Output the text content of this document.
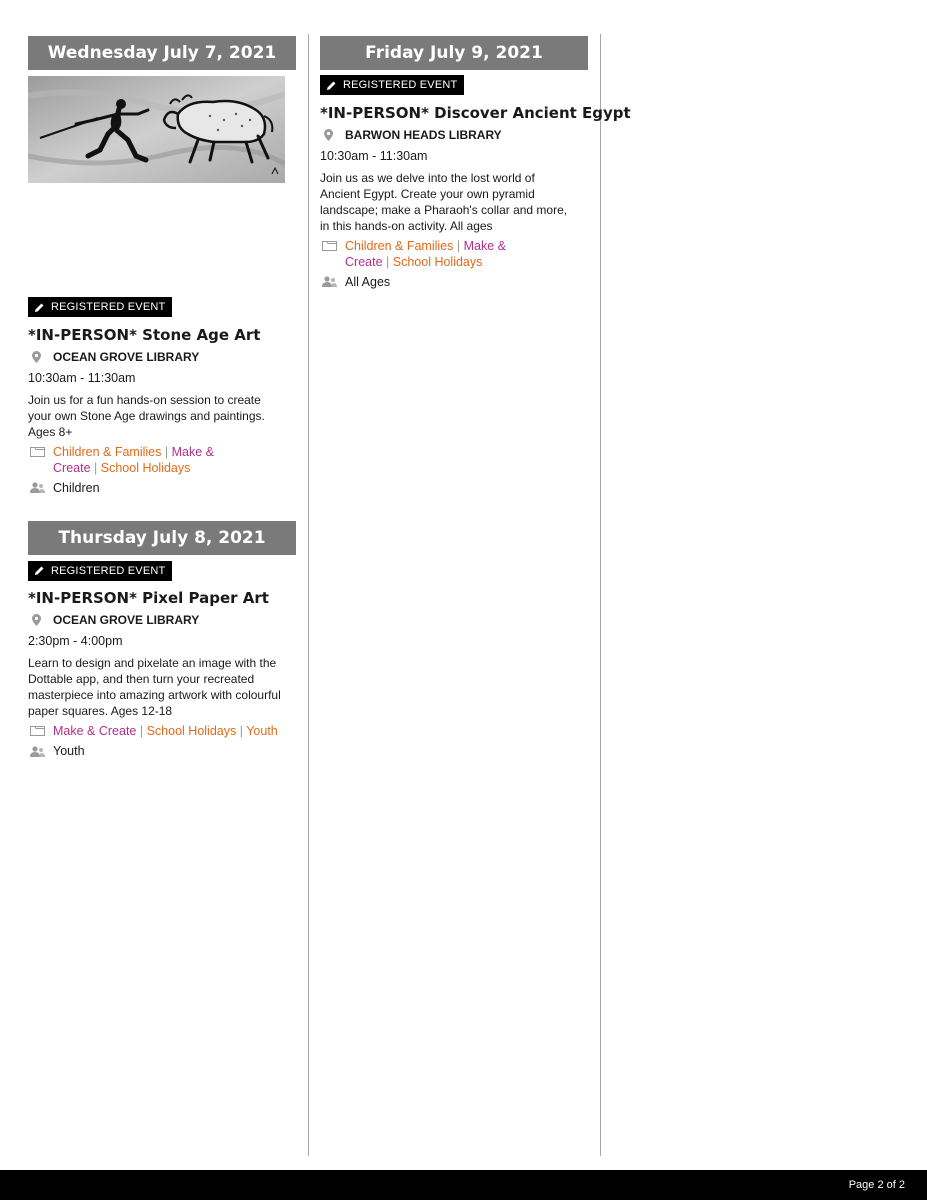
Wednesday July 7, 2021
REGISTERED EVENT
*IN-PERSON* Stone Age Art
OCEAN GROVE LIBRARY
10:30am - 11:30am
Join us for a fun hands-on session to create your own Stone Age drawings and paintings. Ages 8+
Children & Families | Make & Create | School Holidays
Children
Thursday July 8, 2021
REGISTERED EVENT
*IN-PERSON* Pixel Paper Art
OCEAN GROVE LIBRARY
2:30pm - 4:00pm
Learn to design and pixelate an image with the Dottable app, and then turn your recreated masterpiece into amazing artwork with colourful paper squares. Ages 12-18
Make & Create | School Holidays | Youth
Youth
Friday July 9, 2021
REGISTERED EVENT
*IN-PERSON* Discover Ancient Egypt
BARWON HEADS LIBRARY
10:30am - 11:30am
Join us as we delve into the lost world of Ancient Egypt. Create your own pyramid landscape; make a Pharaoh's collar and more, in this hands-on activity. All ages
Children & Families | Make & Create | School Holidays
All Ages
Page 2 of 2
